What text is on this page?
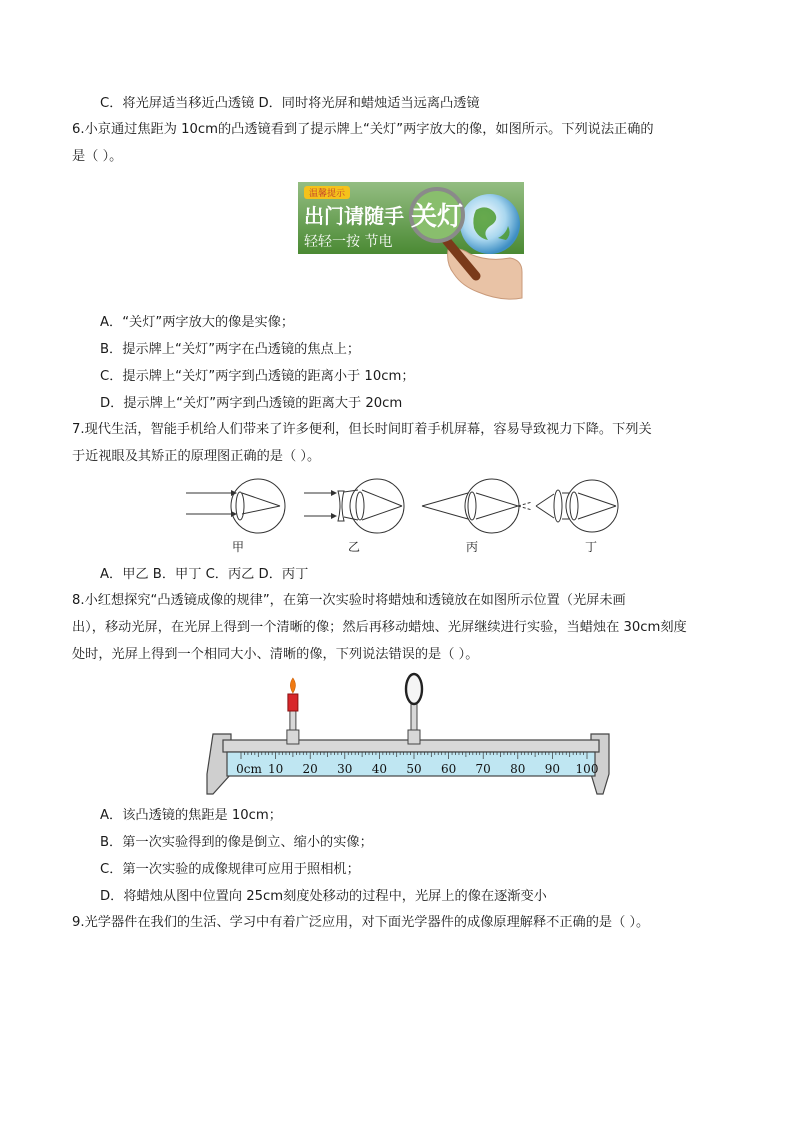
C．将光屏适当移近凸透镜 D．同时将光屏和蜡烛适当远离凸透镜
6.小京通过焦距为 10cm的凸透镜看到了提示牌上“关灯”两字放大的像，如图所示。下列说法正确的
是（ ）。
温馨提示
出门请随手
轻轻一按 节电
关灯
A．“关灯”两字放大的像是实像；
B．提示牌上“关灯”两字在凸透镜的焦点上；
C．提示牌上“关灯”两字到凸透镜的距离小于 10cm；
D．提示牌上“关灯”两字到凸透镜的距离大于 20cm
7.现代生活，智能手机给人们带来了许多便利，但长时间盯着手机屏幕，容易导致视力下降。下列关
于近视眼及其矫正的原理图正确的是（ ）。
甲	乙	丙	丁
A．甲乙 B．甲丁 C．丙乙 D．丙丁
8.小红想探究“凸透镜成像的规律”，在第一次实验时将蜡烛和透镜放在如图所示位置（光屏未画
出），移动光屏，在光屏上得到一个清晰的像；然后再移动蜡烛、光屏继续进行实验，当蜡烛在 30cm刻度
处时，光屏上得到一个相同大小、清晰的像，下列说法错误的是（ ）。
0cm 10 20 30 40 50 60 70 80 90 100
A．该凸透镜的焦距是 10cm；
B．第一次实验得到的像是倒立、缩小的实像；
C．第一次实验的成像规律可应用于照相机；
D．将蜡烛从图中位置向 25cm刻度处移动的过程中，光屏上的像在逐渐变小
9.光学器件在我们的生活、学习中有着广泛应用，对下面光学器件的成像原理解释不正确的是（ ）。
